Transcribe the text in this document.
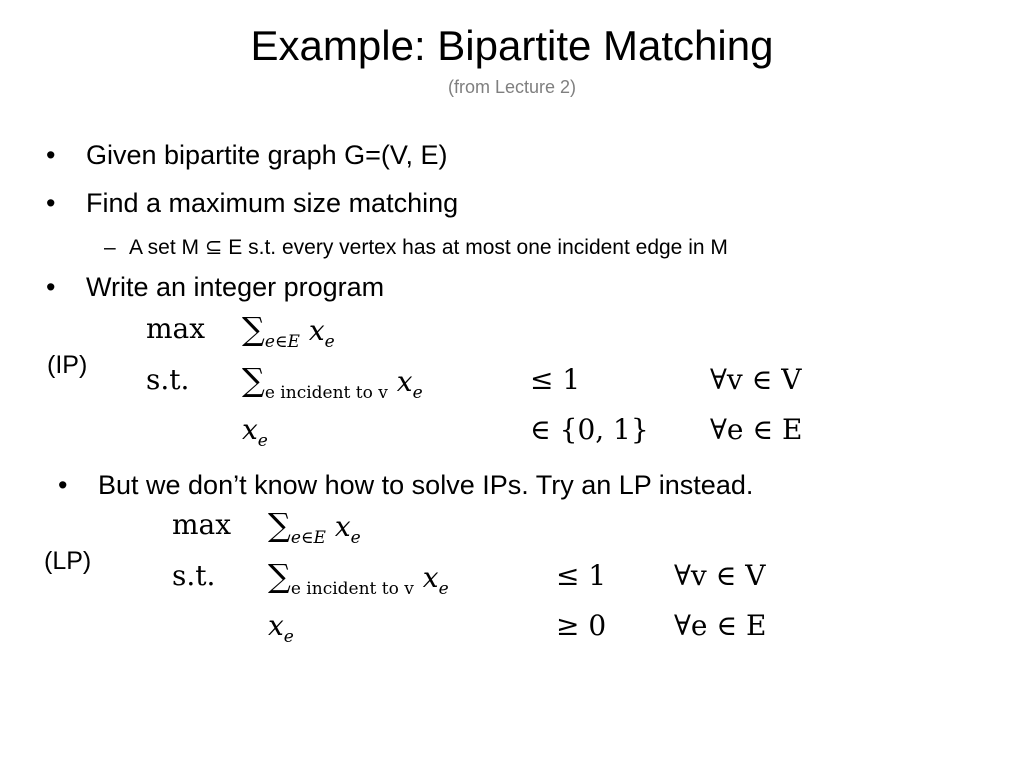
Example: Bipartite Matching
(from Lecture 2)
• Given bipartite graph G=(V, E)
• Find a maximum size matching
– A set M ⊆ E s.t. every vertex has at most one incident edge in M
• Write an integer program
(IP)
$\max \sum_{e\in E}$ $x_e$
s.t. $\sum_{e incident to v}$ $x_e$	≤ 1	∀v ∈ V
$x_e$	∈ {0, 1} ∀e ∈ E
• But we don’t know how to solve IPs. Try an LP instead.
(LP)
$\max \sum_{e\in E}$ $x_e$
s.t. $\sum_{e incident to v}$ $x_e$	≤ 1 ∀v ∈ V
$x_e$	≥ 0 ∀e ∈ E
